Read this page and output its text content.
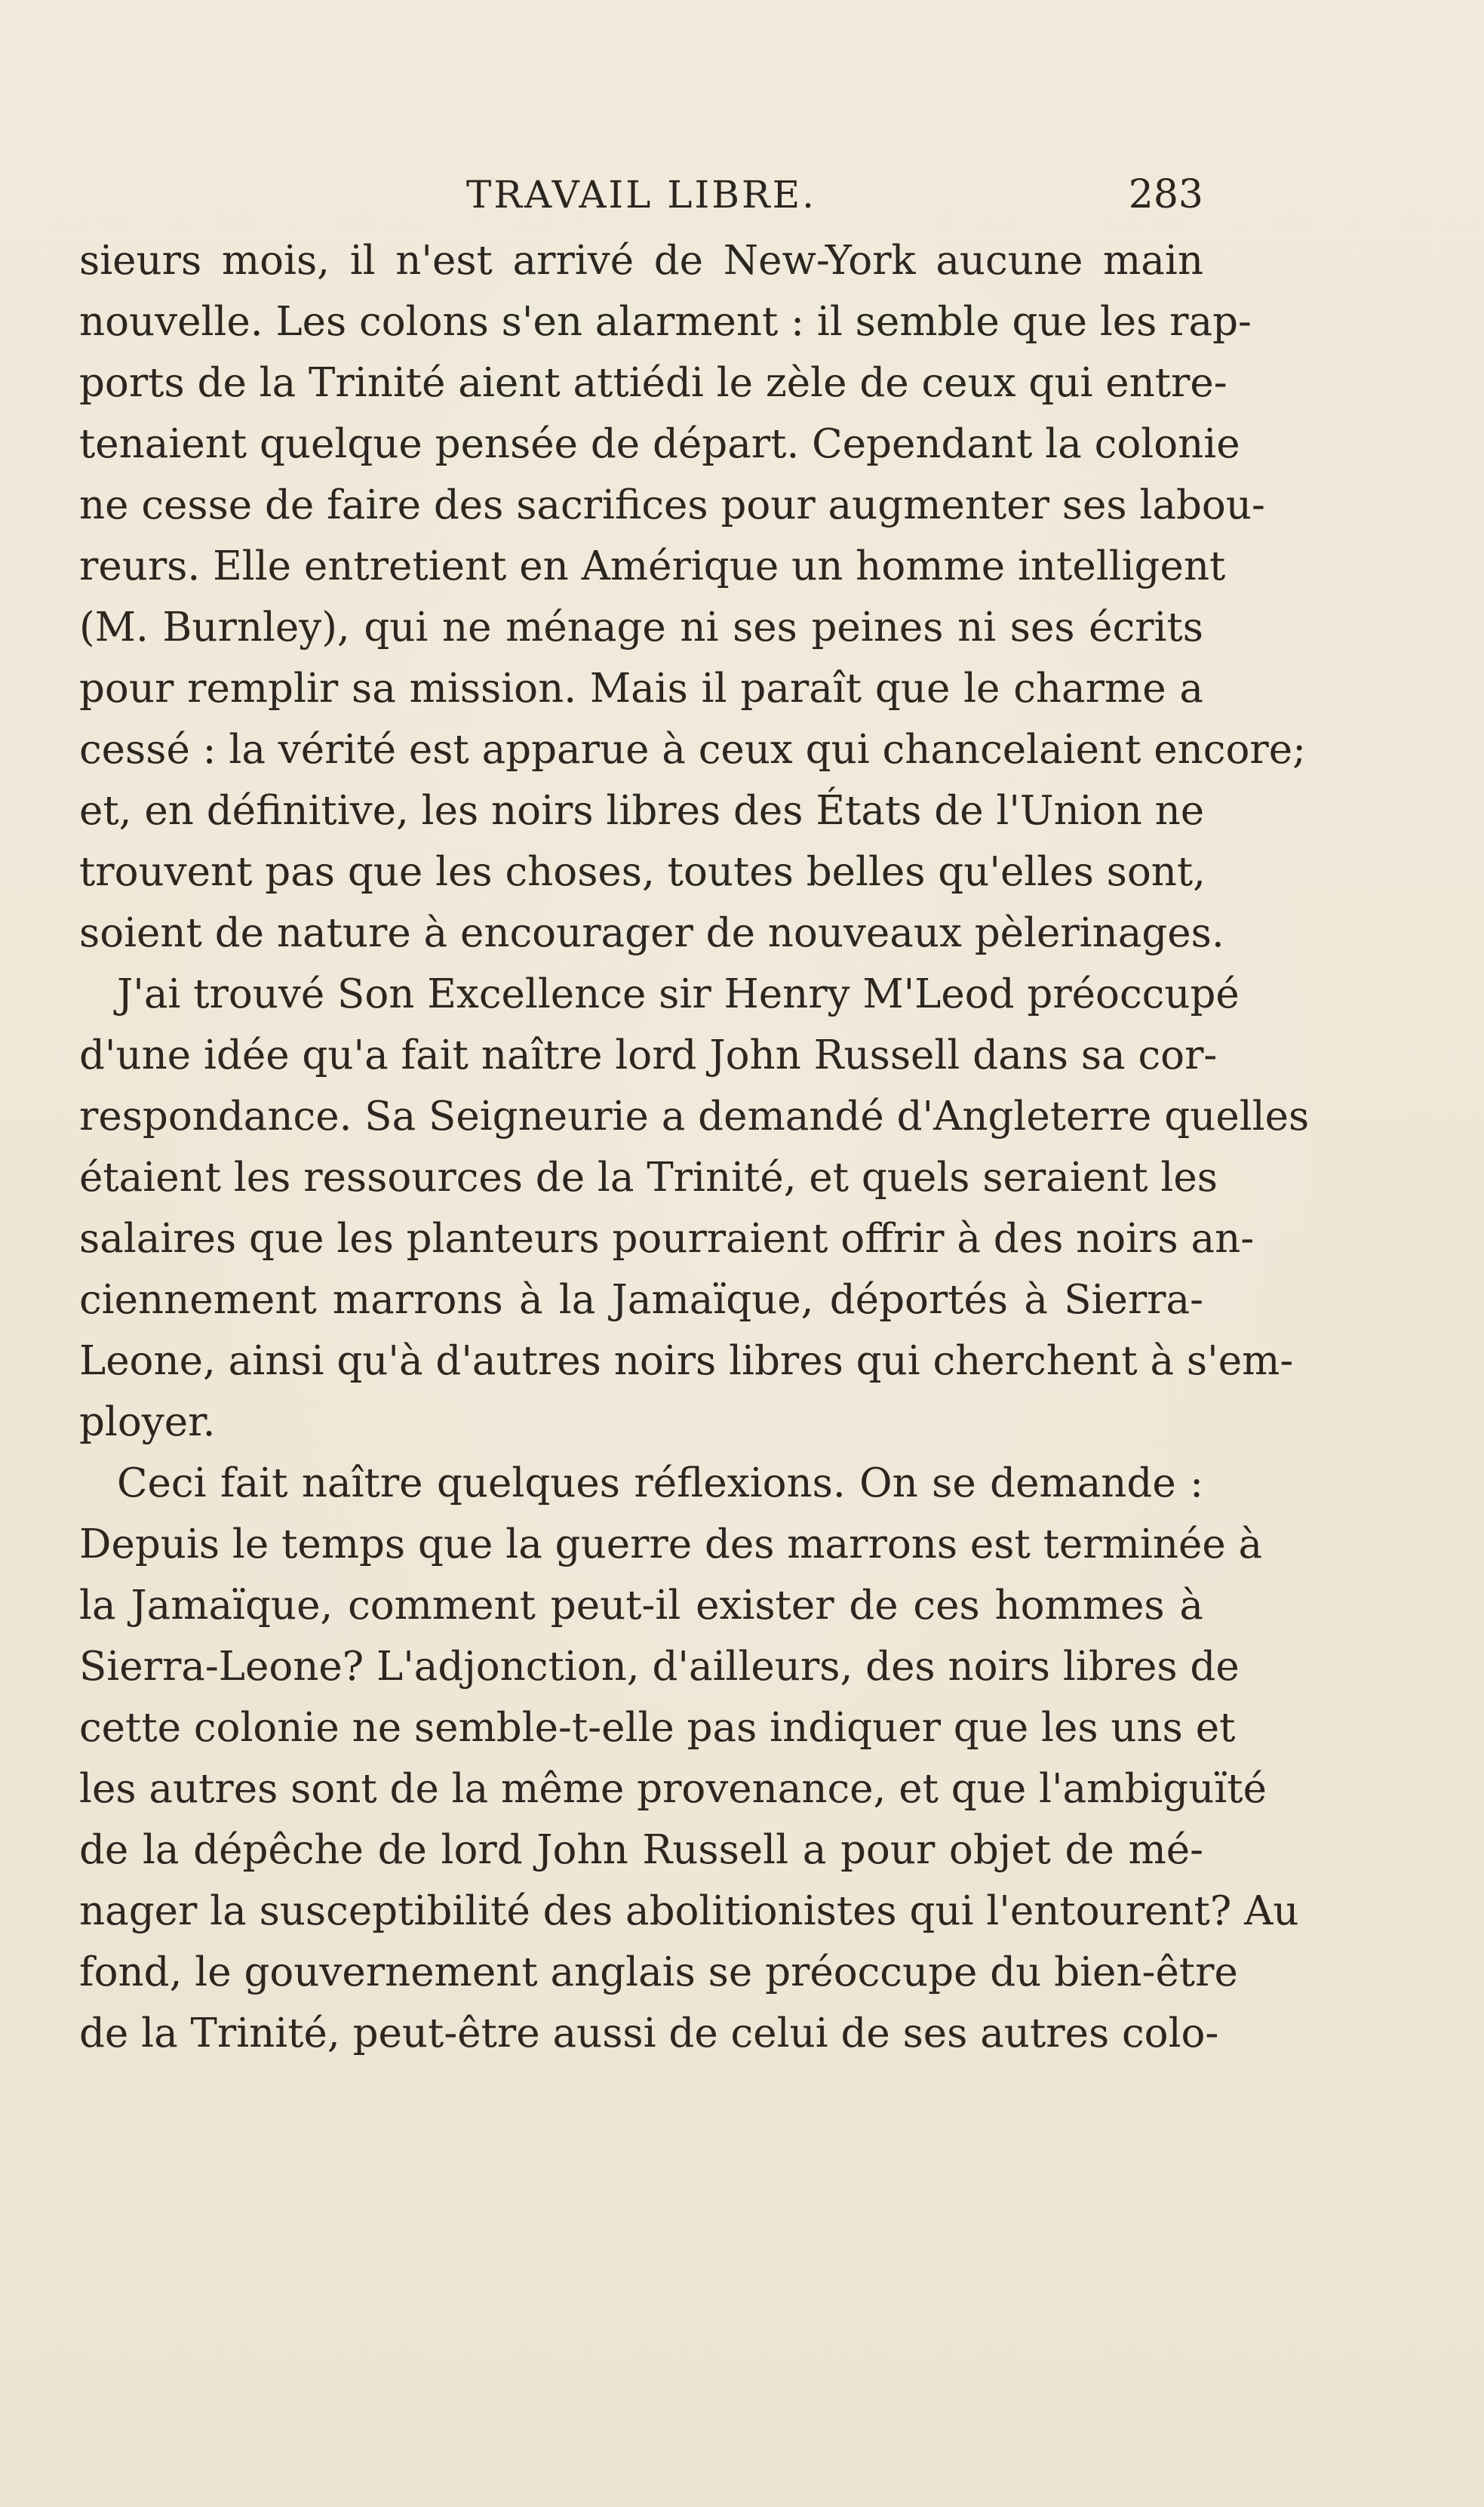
TRAVAIL LIBRE.	283
sieurs mois, il n'est arrivé de New-York aucune main
nouvelle. Les colons s'en alarment : il semble que les rap-
ports de la Trinité aient attiédi le zèle de ceux qui entre-
tenaient quelque pensée de départ. Cependant la colonie
ne cesse de faire des sacrifices pour augmenter ses labou-
reurs. Elle entretient en Amérique un homme intelligent
(M. Burnley), qui ne ménage ni ses peines ni ses écrits
pour remplir sa mission. Mais il paraît que le charme a
cessé : la vérité est apparue à ceux qui chancelaient encore;
et, en définitive, les noirs libres des États de l'Union ne
trouvent pas que les choses, toutes belles qu'elles sont,
soient de nature à encourager de nouveaux pèlerinages.
J'ai trouvé Son Excellence sir Henry M'Leod préoccupé
d'une idée qu'a fait naître lord John Russell dans sa cor-
respondance. Sa Seigneurie a demandé d'Angleterre quelles
étaient les ressources de la Trinité, et quels seraient les
salaires que les planteurs pourraient offrir à des noirs an-
ciennement marrons à la Jamaïque, déportés à Sierra-
Leone, ainsi qu'à d'autres noirs libres qui cherchent à s'em-
ployer.
Ceci fait naître quelques réflexions. On se demande :
Depuis le temps que la guerre des marrons est terminée à
la Jamaïque, comment peut-il exister de ces hommes à
Sierra-Leone? L'adjonction, d'ailleurs, des noirs libres de
cette colonie ne semble-t-elle pas indiquer que les uns et
les autres sont de la même provenance, et que l'ambiguïté
de la dépêche de lord John Russell a pour objet de mé-
nager la susceptibilité des abolitionistes qui l'entourent? Au
fond, le gouvernement anglais se préoccupe du bien-être
de la Trinité, peut-être aussi de celui de ses autres colo-
